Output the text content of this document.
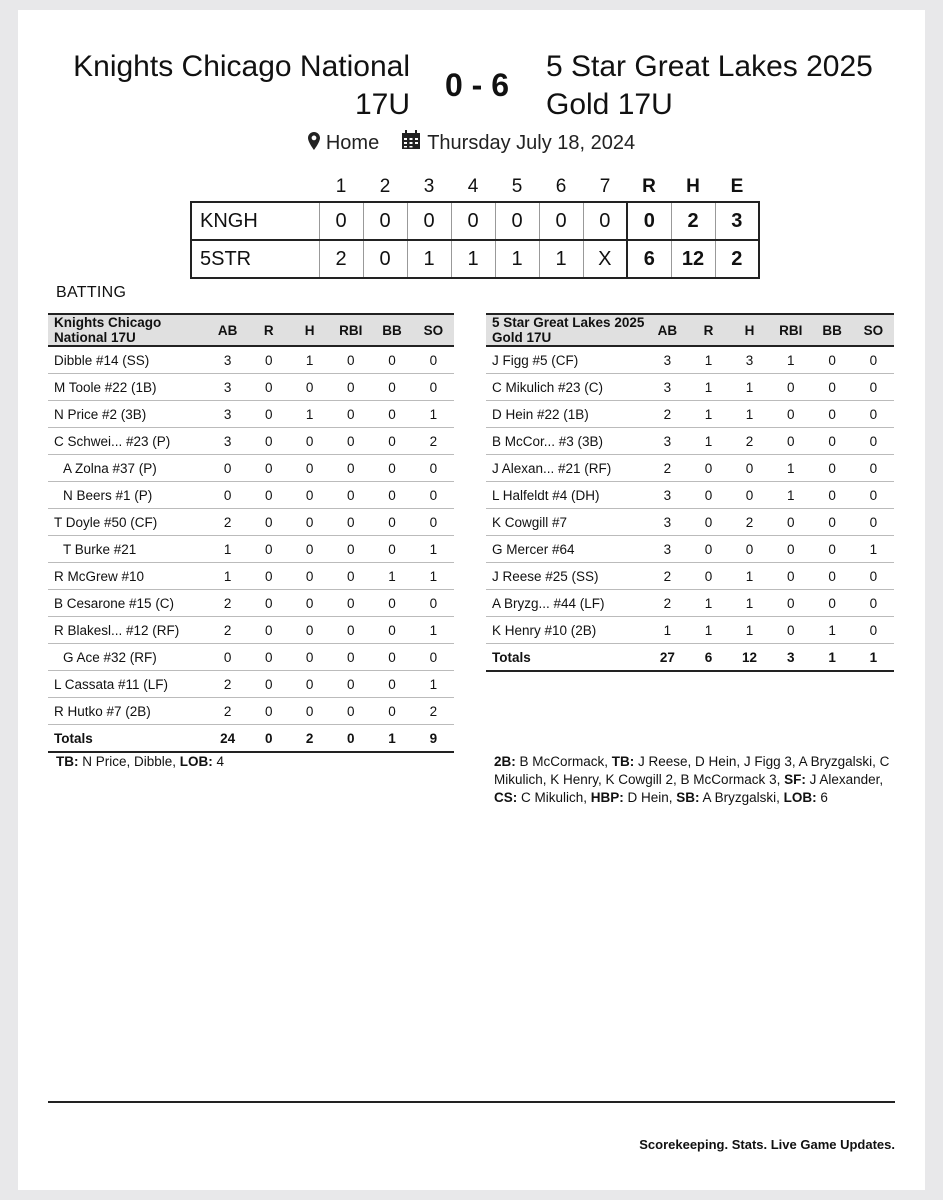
Knights Chicago National 17U
0 - 6
5 Star Great Lakes 2025 Gold 17U
Home Thursday July 18, 2024
	1	2	3	4	5	6	7	R	H	E
KNGH	0	0	0	0	0	0	0	0	2	3
5STR	2	0	1	1	1	1	X	6	12	2
BATTING
Knights Chicago National 17U	AB	R	H	RBI	BB	SO
Dibble #14 (SS)	3	0	1	0	0	0
M Toole #22 (1B)	3	0	0	0	0	0
N Price #2 (3B)	3	0	1	0	0	1
C Schwei... #23 (P)	3	0	0	0	0	2
A Zolna #37 (P)	0	0	0	0	0	0
N Beers #1 (P)	0	0	0	0	0	0
T Doyle #50 (CF)	2	0	0	0	0	0
T Burke #21	1	0	0	0	0	1
R McGrew #10	1	0	0	0	1	1
B Cesarone #15 (C)	2	0	0	0	0	0
R Blakesl... #12 (RF)	2	0	0	0	0	1
G Ace #32 (RF)	0	0	0	0	0	0
L Cassata #11 (LF)	2	0	0	0	0	1
R Hutko #7 (2B)	2	0	0	0	0	2
Totals	24	0	2	0	1	9
5 Star Great Lakes 2025 Gold 17U	AB	R	H	RBI	BB	SO
J Figg #5 (CF)	3	1	3	1	0	0
C Mikulich #23 (C)	3	1	1	0	0	0
D Hein #22 (1B)	2	1	1	0	0	0
B McCor... #3 (3B)	3	1	2	0	0	0
J Alexan... #21 (RF)	2	0	0	1	0	0
L Halfeldt #4 (DH)	3	0	0	1	0	0
K Cowgill #7	3	0	2	0	0	0
G Mercer #64	3	0	0	0	0	1
J Reese #25 (SS)	2	0	1	0	0	0
A Bryzg... #44 (LF)	2	1	1	0	0	0
K Henry #10 (2B)	1	1	1	0	1	0
Totals	27	6	12	3	1	1
TB: N Price, Dibble, LOB: 4	2B: B McCormack, TB: J Reese, D Hein, J Figg 3, A Bryzgalski, C Mikulich, K Henry, K Cowgill 2, B McCormack 3, SF: J Alexander, CS: C Mikulich, HBP: D Hein, SB: A Bryzgalski, LOB: 6
Scorekeeping. Stats. Live Game Updates.
